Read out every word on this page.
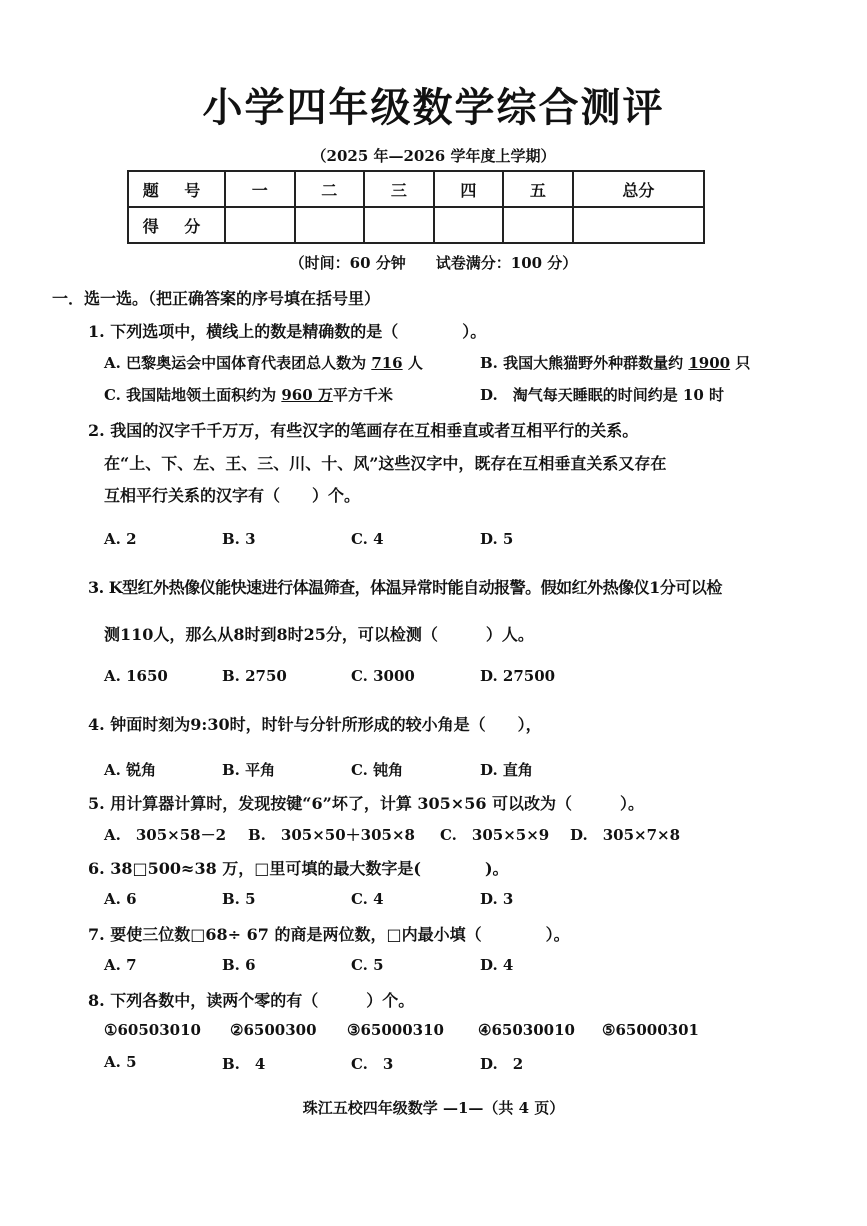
小学四年级数学综合测评
（2025 年—2026 学年度上学期）
题 号	一	二	三	四	五	总分
得 分						
（时间：60 分钟　　试卷满分：100 分）
一．选一选。（把正确答案的序号填在括号里）
1. 下列选项中，横线上的数是精确数的是（　　　　）。
A. 巴黎奥运会中国体育代表团总人数为 716 人	B. 我国大熊猫野外种群数量约 1900 只
C. 我国陆地领土面积约为 960 万平方千米	D.　淘气每天睡眠的时间约是 10 时
2. 我国的汉字千千万万，有些汉字的笔画存在互相垂直或者互相平行的关系。
在“上、下、左、王、三、川、十、风”这些汉字中，既存在互相垂直关系又存在
互相平行关系的汉字有（　　）个。
A. 2	B. 3	C. 4	D. 5
3. K型红外热像仪能快速进行体温筛查，体温异常时能自动报警。假如红外热像仪1分可以检
测110人，那么从8时到8时25分，可以检测（　　　）人。
A. 1650	B. 2750	C. 3000	D. 27500
4. 钟面时刻为9:30时，时针与分针所形成的较小角是（　　），
A. 锐角	B. 平角	C. 钝角	D. 直角
5. 用计算器计算时，发现按键“6”坏了，计算 305×56 可以改为（　　　）。
A.　305×58－2 B.　305×50＋305×8 C.　305×5×9 D.　305×7×8
6. 38□500≈38 万，□里可填的最大数字是(　　　　)。
A. 6	B. 5	C. 4	D. 3
7. 要使三位数□68÷ 67 的商是两位数，□内最小填（　　　　）。
A. 7	B. 6	C. 5	D. 4
8. 下列各数中，读两个零的有（　　　）个。
①60503010 ②6500300 ③65000310 ④65030010 ⑤65000301
A. 5	B.　4	C.　3	D.　2
珠江五校四年级数学 —1—（共 4 页）
